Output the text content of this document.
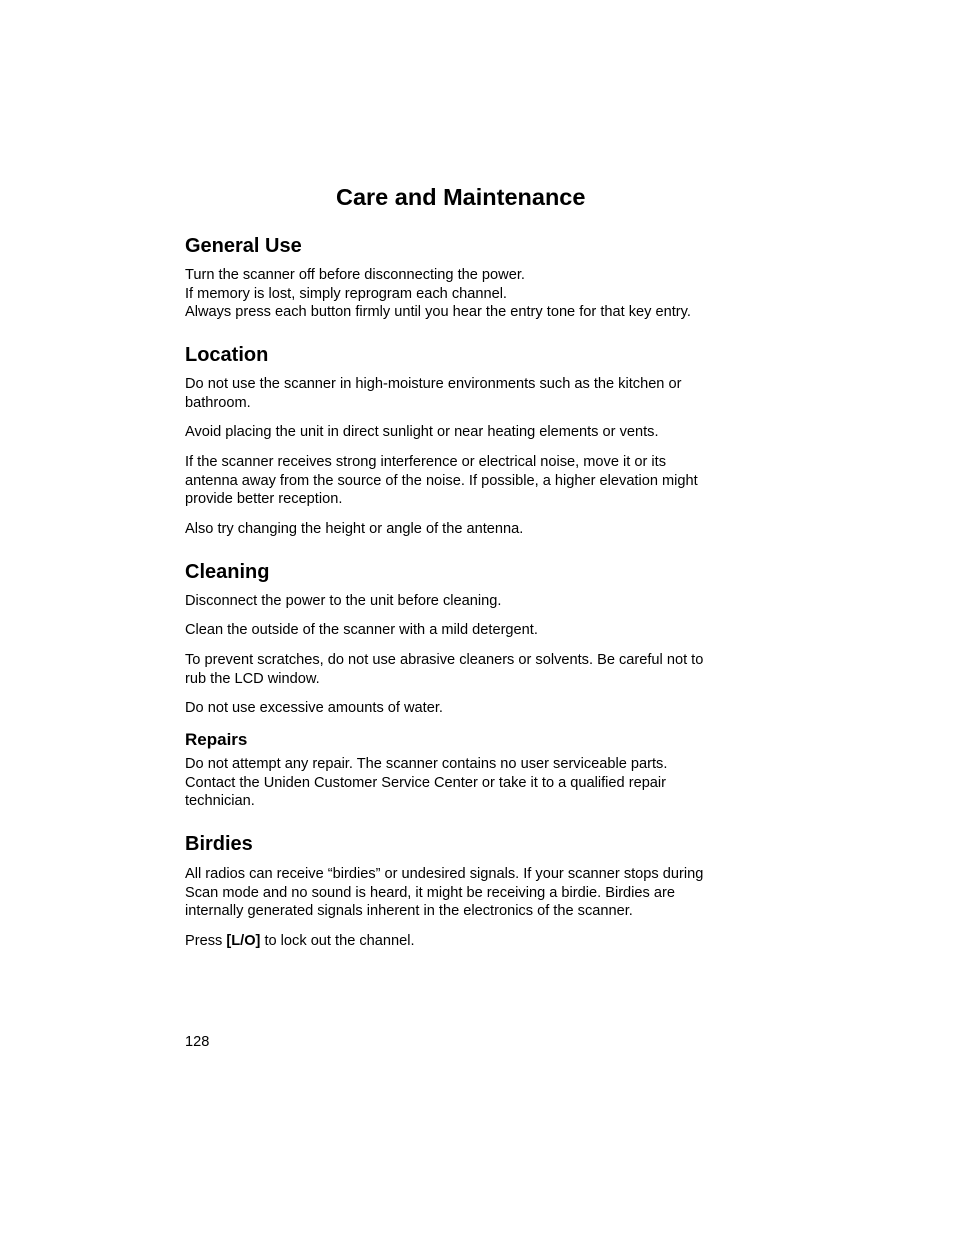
Care and Maintenance
General Use
Turn the scanner off before disconnecting the power.
If memory is lost, simply reprogram each channel.
Always press each button firmly until you hear the entry tone for that key entry.
Location
Do not use the scanner in high-moisture environments such as the kitchen or
bathroom.
Avoid placing the unit in direct sunlight or near heating elements or vents.
If the scanner receives strong interference or electrical noise, move it or its
antenna away from the source of the noise. If possible, a higher elevation might
provide better reception.
Also try changing the height or angle of the antenna.
Cleaning
Disconnect the power to the unit before cleaning.
Clean the outside of the scanner with a mild detergent.
To prevent scratches, do not use abrasive cleaners or solvents. Be careful not to
rub the LCD window.
Do not use excessive amounts of water.
Repairs
Do not attempt any repair. The scanner contains no user serviceable parts.
Contact the Uniden Customer Service Center or take it to a qualified repair
technician.
Birdies
All radios can receive “birdies” or undesired signals. If your scanner stops during
Scan mode and no sound is heard, it might be receiving a birdie. Birdies are
internally generated signals inherent in the electronics of the scanner.
Press [L/O] to lock out the channel.
128
